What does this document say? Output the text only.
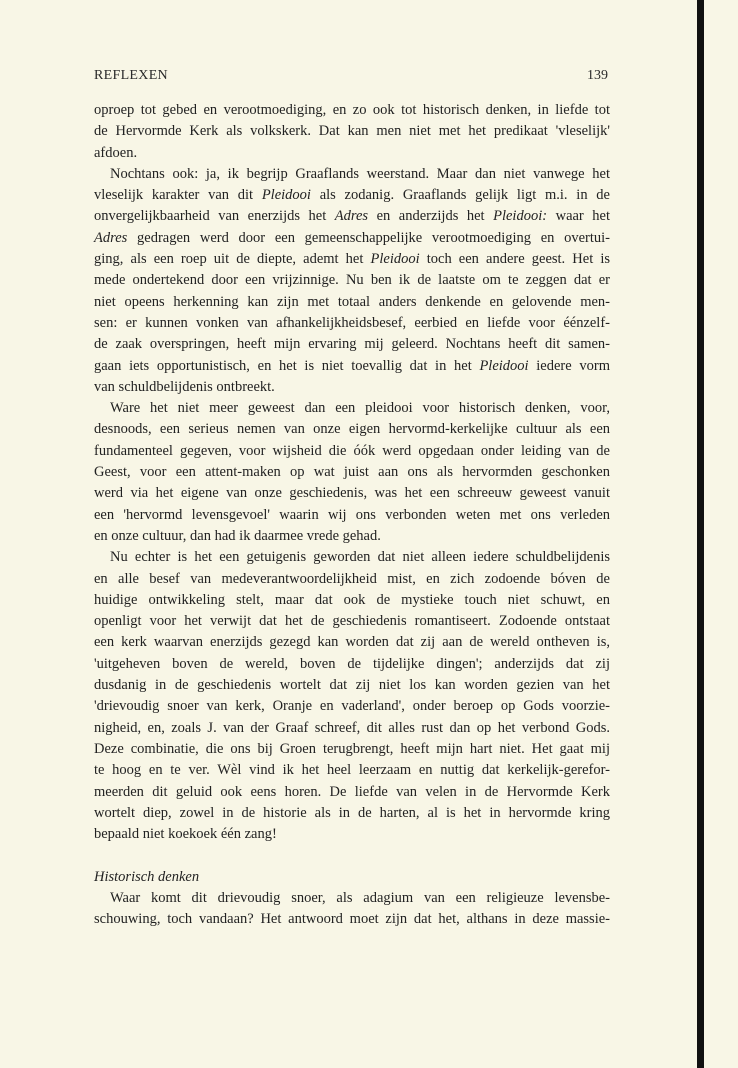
REFLEXEN	139
oproep tot gebed en verootmoediging, en zo ook tot historisch denken, in liefde tot
de Hervormde Kerk als volkskerk. Dat kan men niet met het predikaat 'vleselijk'
afdoen.
Nochtans ook: ja, ik begrijp Graaflands weerstand. Maar dan niet vanwege het
vleselijk karakter van dit Pleidooi als zodanig. Graaflands gelijk ligt m.i. in de
onvergelijkbaarheid van enerzijds het Adres en anderzijds het Pleidooi: waar het
Adres gedragen werd door een gemeenschappelijke verootmoediging en overtui-
ging, als een roep uit de diepte, ademt het Pleidooi toch een andere geest. Het is
mede ondertekend door een vrijzinnige. Nu ben ik de laatste om te zeggen dat er
niet opeens herkenning kan zijn met totaal anders denkende en gelovende men-
sen: er kunnen vonken van afhankelijkheidsbesef, eerbied en liefde voor éénzelf-
de zaak overspringen, heeft mijn ervaring mij geleerd. Nochtans heeft dit samen-
gaan iets opportunistisch, en het is niet toevallig dat in het Pleidooi iedere vorm
van schuldbelijdenis ontbreekt.
Ware het niet meer geweest dan een pleidooi voor historisch denken, voor,
desnoods, een serieus nemen van onze eigen hervormd-kerkelijke cultuur als een
fundamenteel gegeven, voor wijsheid die óók werd opgedaan onder leiding van de
Geest, voor een attent-maken op wat juist aan ons als hervormden geschonken
werd via het eigene van onze geschiedenis, was het een schreeuw geweest vanuit
een 'hervormd levensgevoel' waarin wij ons verbonden weten met ons verleden
en onze cultuur, dan had ik daarmee vrede gehad.
Nu echter is het een getuigenis geworden dat niet alleen iedere schuldbelijdenis
en alle besef van medeverantwoordelijkheid mist, en zich zodoende bóven de
huidige ontwikkeling stelt, maar dat ook de mystieke touch niet schuwt, en
openligt voor het verwijt dat het de geschiedenis romantiseert. Zodoende ontstaat
een kerk waarvan enerzijds gezegd kan worden dat zij aan de wereld ontheven is,
'uitgeheven boven de wereld, boven de tijdelijke dingen'; anderzijds dat zij
dusdanig in de geschiedenis wortelt dat zij niet los kan worden gezien van het
'drievoudig snoer van kerk, Oranje en vaderland', onder beroep op Gods voorzie-
nigheid, en, zoals J. van der Graaf schreef, dit alles rust dan op het verbond Gods.
Deze combinatie, die ons bij Groen terugbrengt, heeft mijn hart niet. Het gaat mij
te hoog en te ver. Wèl vind ik het heel leerzaam en nuttig dat kerkelijk-gerefor-
meerden dit geluid ook eens horen. De liefde van velen in de Hervormde Kerk
wortelt diep, zowel in de historie als in de harten, al is het in hervormde kring
bepaald niet koekoek één zang!
Historisch denken
Waar komt dit drievoudig snoer, als adagium van een religieuze levensbe-
schouwing, toch vandaan? Het antwoord moet zijn dat het, althans in deze massie-
